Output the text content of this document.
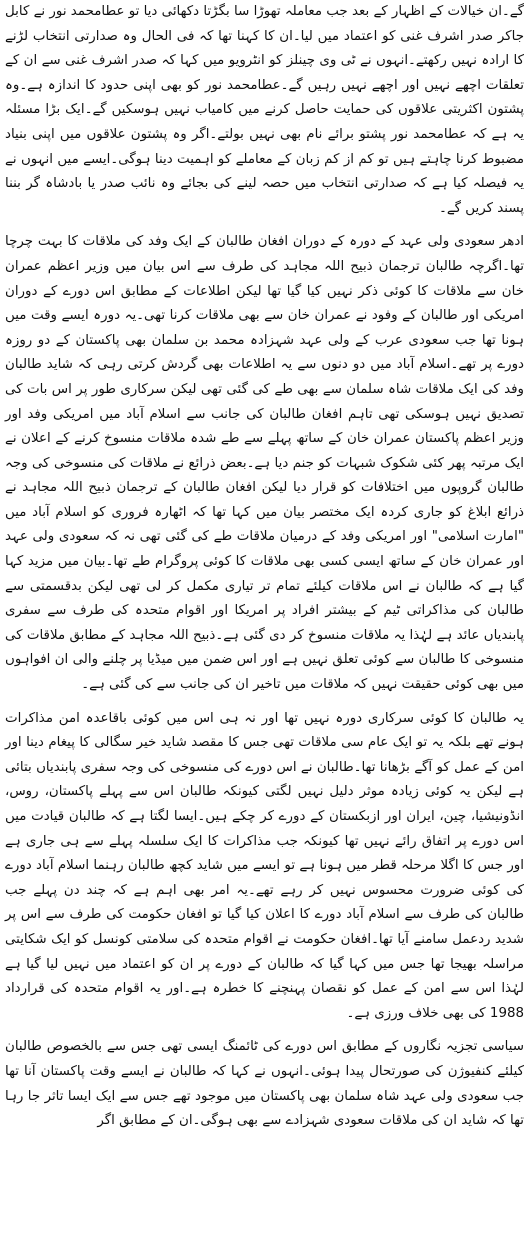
گے۔ان خیالات کے اظہار کے بعد جب معاملہ تھوڑا سا بگڑتا دکھائی دیا تو عطامحمد نور نے کابل جاکر صدر اشرف غنی کو اعتماد میں لیا۔ان کا کہنا تھا کہ فی الحال وہ صدارتی انتخاب لڑنے کا ارادہ نہیں رکھتے۔انہوں نے ٹی وی چینلز کو انٹرویو میں کہا کہ صدر اشرف غنی سے ان کے تعلقات اچھے نہیں اور اچھے نہیں رہیں گے۔عطامحمد نور کو بھی اپنی حدود کا اندازہ ہے۔وہ پشتون اکثریتی علاقوں کی حمایت حاصل کرنے میں کامیاب نہیں ہوسکیں گے۔ایک بڑا مسئلہ یہ ہے کہ عطامحمد نور پشتو برائے نام بھی نہیں بولتے۔اگر وہ پشتون علاقوں میں اپنی بنیاد مضبوط کرنا چاہتے ہیں تو کم از کم زبان کے معاملے کو اہمیت دینا ہوگی۔ایسے میں انہوں نے یہ فیصلہ کیا ہے کہ صدارتی انتخاب میں حصہ لینے کی بجائے وہ نائب صدر یا بادشاہ گر بننا پسند کریں گے۔

ادھر سعودی ولی عہد کے دورہ کے دوران افغان طالبان کے ایک وفد کی ملاقات کا بہت چرچا تھا۔اگرچہ طالبان ترجمان ذبیح اللہ مجاہد کی طرف سے اس بیان میں وزیر اعظم عمران خان سے ملاقات کا کوئی ذکر نہیں کیا گیا تھا لیکن اطلاعات کے مطابق اس دورے کے دوران امریکی اور طالبان کے وفود نے عمران خان سے بھی ملاقات کرنا تھی۔یہ دورہ ایسے وقت میں ہونا تھا جب سعودی عرب کے ولی عہد شہزادہ محمد بن سلمان بھی پاکستان کے دو روزہ دورے پر تھے۔اسلام آباد میں دو دنوں سے یہ اطلاعات بھی گردش کرتی رہی کہ شاید طالبان وفد کی ایک ملاقات شاہ سلمان سے بھی طے کی گئی تھی لیکن سرکاری طور پر اس بات کی تصدیق نہیں ہوسکی تھی تاہم افغان طالبان کی جانب سے اسلام آباد میں امریکی وفد اور وزیر اعظم پاکستان عمران خان کے ساتھ پہلے سے طے شدہ ملاقات منسوخ کرنے کے اعلان نے ایک مرتبہ پھر کئی شکوک شبہات کو جنم دیا ہے۔بعض ذرائع نے ملاقات کی منسوخی کی وجہ طالبان گروپوں میں اختلافات کو قرار دیا لیکن افغان طالبان کے ترجمان ذبیح اللہ مجاہد نے ذرائع ابلاغ کو جاری کردہ ایک مختصر بیان میں کہا تھا کہ اٹھارہ فروری کو اسلام آباد میں "امارت اسلامی" اور امریکی وفد کے درمیان ملاقات طے کی گئی تھی نہ کہ سعودی ولی عہد اور عمران خان کے ساتھ ایسی کسی بھی ملاقات کا کوئی پروگرام طے تھا۔بیان میں مزید کہا گیا ہے کہ طالبان نے اس ملاقات کیلئے تمام تر تیاری مکمل کر لی تھی لیکن بدقسمتی سے طالبان کی مذاکراتی ٹیم کے بیشتر افراد پر امریکا اور اقوام متحدہ کی طرف سے سفری پابندیاں عائد ہے لہٰذا یہ ملاقات منسوخ کر دی گئی ہے۔ذبیح اللہ مجاہد کے مطابق ملاقات کی منسوخی کا طالبان سے کوئی تعلق نہیں ہے اور اس ضمن میں میڈیا پر چلنے والی ان افواہوں میں بھی کوئی حقیقت نہیں کہ ملاقات میں تاخیر ان کی جانب سے کی گئی ہے۔

یہ طالبان کا کوئی سرکاری دورہ نہیں تھا اور نہ ہی اس میں کوئی باقاعدہ امن مذاکرات ہونے تھے بلکہ یہ تو ایک عام سی ملاقات تھی جس کا مقصد شاید خیر سگالی کا پیغام دینا اور امن کے عمل کو آگے بڑھانا تھا۔طالبان نے اس دورے کی منسوخی کی وجہ سفری پابندیاں بتائی ہے لیکن یہ کوئی زیادہ موثر دلیل نہیں لگتی کیونکہ طالبان اس سے پہلے پاکستان، روس، انڈونیشیا، چین، ایران اور ازبکستان کے دورے کر چکے ہیں۔ایسا لگتا ہے کہ طالبان قیادت میں اس دورے پر اتفاق رائے نہیں تھا کیونکہ جب مذاکرات کا ایک سلسلہ پہلے سے ہی جاری ہے اور جس کا اگلا مرحلہ قطر میں ہونا ہے تو ایسے میں شاید کچھ طالبان رہنما اسلام آباد دورے کی کوئی ضرورت محسوس نہیں کر رہے تھے۔یہ امر بھی اہم ہے کہ چند دن پہلے جب طالبان کی طرف سے اسلام آباد دورے کا اعلان کیا گیا تو افغان حکومت کی طرف سے اس پر شدید ردعمل سامنے آیا تھا۔افغان حکومت نے اقوام متحدہ کی سلامتی کونسل کو ایک شکایتی مراسلہ بھیجا تھا جس میں کہا گیا کہ طالبان کے دورے پر ان کو اعتماد میں نہیں لیا گیا ہے لہٰذا اس سے امن کے عمل کو نقصان پہنچنے کا خطرہ ہے۔اور یہ اقوام متحدہ کی قرارداد 1988 کی بھی خلاف ورزی ہے۔

سیاسی تجزیہ نگاروں کے مطابق اس دورے کی ٹائمنگ ایسی تھی جس سے بالخصوص طالبان کیلئے کنفیوژن کی صورتحال پیدا ہوئی۔انہوں نے کہا کہ طالبان نے ایسے وقت پاکستان آنا تھا جب سعودی ولی عہد شاہ سلمان بھی پاکستان میں موجود تھے جس سے ایک ایسا تاثر جا رہا تھا کہ شاید ان کی ملاقات سعودی شہزادے سے بھی ہوگی۔ان کے مطابق اگر
